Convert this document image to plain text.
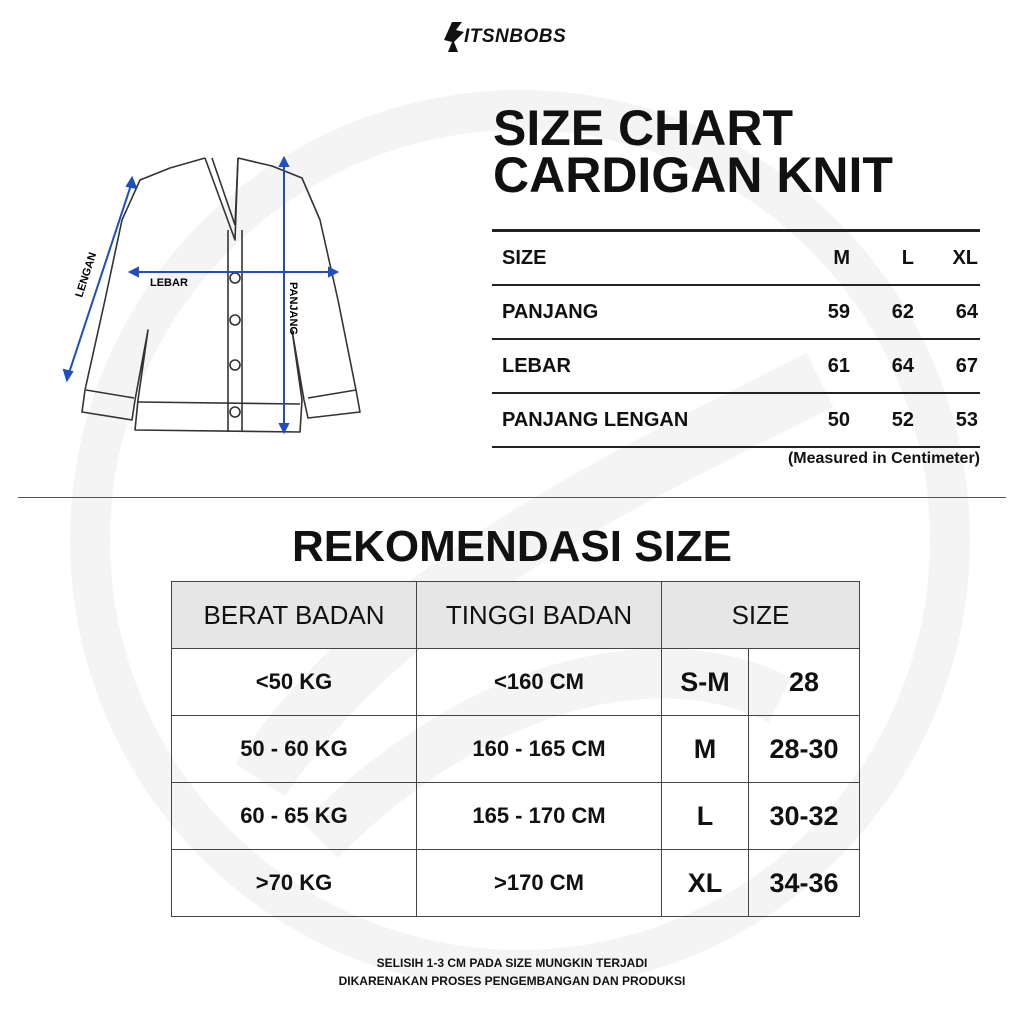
ITSNBOBS
SIZE CHART
CARDIGAN KNIT
LENGAN	LEBAR	PANJANG
SIZE	M	L	XL
PANJANG	59	62	64
LEBAR	61	64	67
PANJANG LENGAN	50	52	53
(Measured in Centimeter)
REKOMENDASI SIZE
BERAT BADAN	TINGGI BADAN	SIZE	
<50 KG	<160 CM	S-M	28
50 - 60 KG	160 - 165 CM	M	28-30
60 - 65 KG	165 - 170 CM	L	30-32
>70 KG	>170 CM	XL	34-36
SELISIH 1-3 CM PADA SIZE MUNGKIN TERJADI
DIKARENAKAN PROSES PENGEMBANGAN DAN PRODUKSI
